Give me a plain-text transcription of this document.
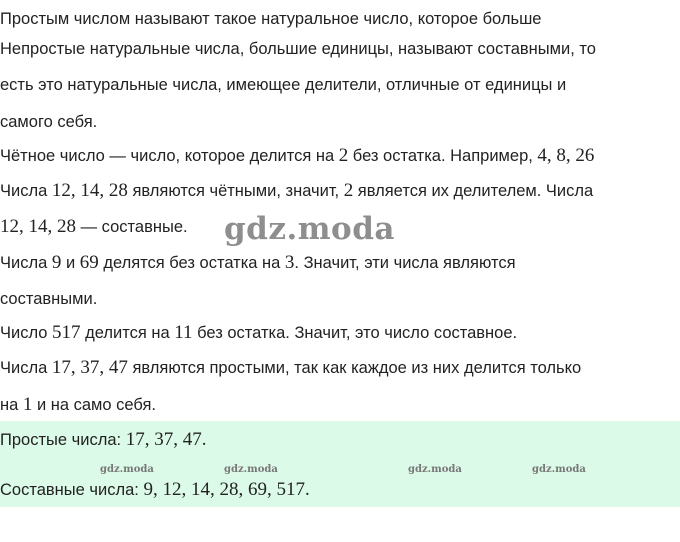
Простым числом называют такое натуральное число, которое больше
Непростые натуральные числа, большие единицы, называют составными, то
есть это натуральные числа, имеющее делители, отличные от единицы и
самого себя.
Чётное число — число, которое делится на 2 без остатка. Например, 4, 8, 26
Числа 12, 14, 28 являются чётными, значит, 2 является их делителем. Числа
12, 14, 28 — составные. gdz.moda
Числа 9 и 69 делятся без остатка на 3. Значит, эти числа являются
составными.
Число 517 делится на 11 без остатка. Значит, это число составное.
Числа 17, 37, 47 являются простыми, так как каждое из них делится только
на 1 и на само себя.
Простые числа: 17, 37, 47.
gdz.moda	gdz.moda	gdz.moda	gdz.moda
Составные числа: 9, 12, 14, 28, 69, 517.
